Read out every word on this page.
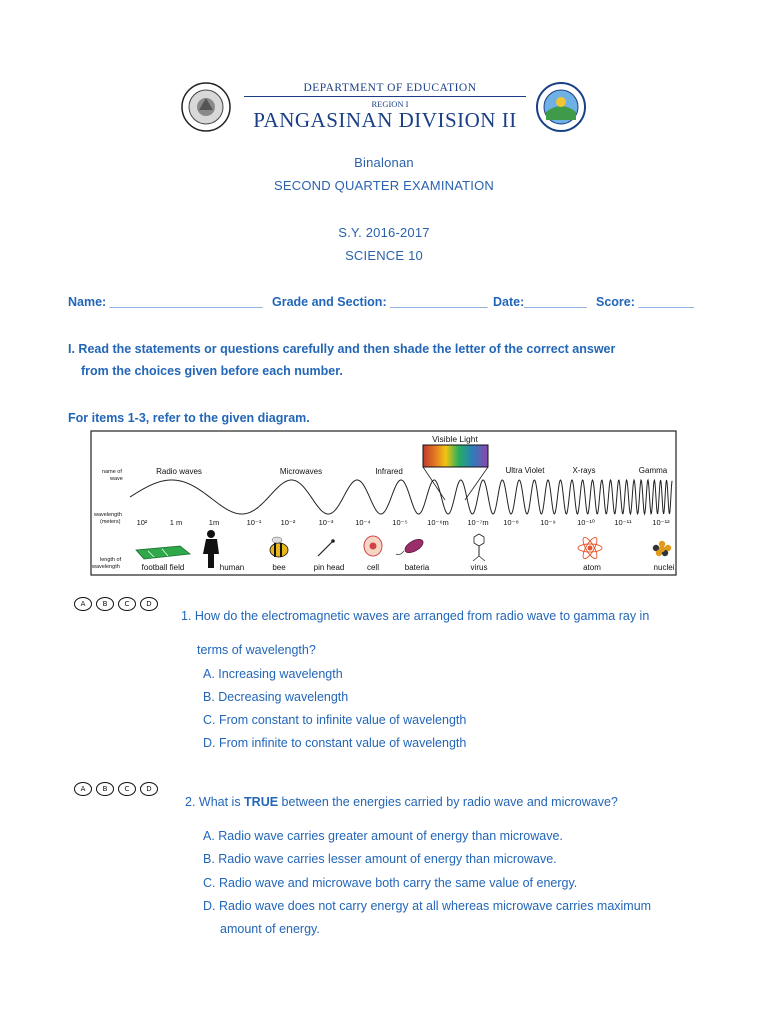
DEPARTMENT OF EDUCATION
REGION I
PANGASINAN DIVISION II
Binalonan
SECOND QUARTER EXAMINATION
S.Y. 2016-2017
SCIENCE 10
Name: ______________________ Grade and Section: ______________ Date:_________ Score: ________
I. Read the statements or questions carefully and then shade the letter of the correct answer
from the choices given before each number.
For items 1-3, refer to the given diagram.
Visible Light
name of
wave
wavelength
(meters)
length of
wavelength
Radio waves	Microwaves	Infrared	Ultra Violet	X-rays	Gamma
10²	1 m	1m	10⁻¹	10⁻²	10⁻³	10⁻⁴	10⁻⁵	10⁻⁶m 10⁻⁷m 10⁻⁸	10⁻⁹	10⁻¹⁰	10⁻¹¹	10⁻¹²
football field	human	bee	pin head	cell	bateria	virus	atom	nuclei
A	B	C	D
1. How do the electromagnetic waves are arranged from radio wave to gamma ray in
terms of wavelength?
A. Increasing wavelength
B. Decreasing wavelength
C. From constant to infinite value of wavelength
D. From infinite to constant value of wavelength
A	B	C	D
2. What is TRUE between the energies carried by radio wave and microwave?
A. Radio wave carries greater amount of energy than microwave.
B. Radio wave carries lesser amount of energy than microwave.
C. Radio wave and microwave both carry the same value of energy.
D. Radio wave does not carry energy at all whereas microwave carries maximum
amount of energy.
